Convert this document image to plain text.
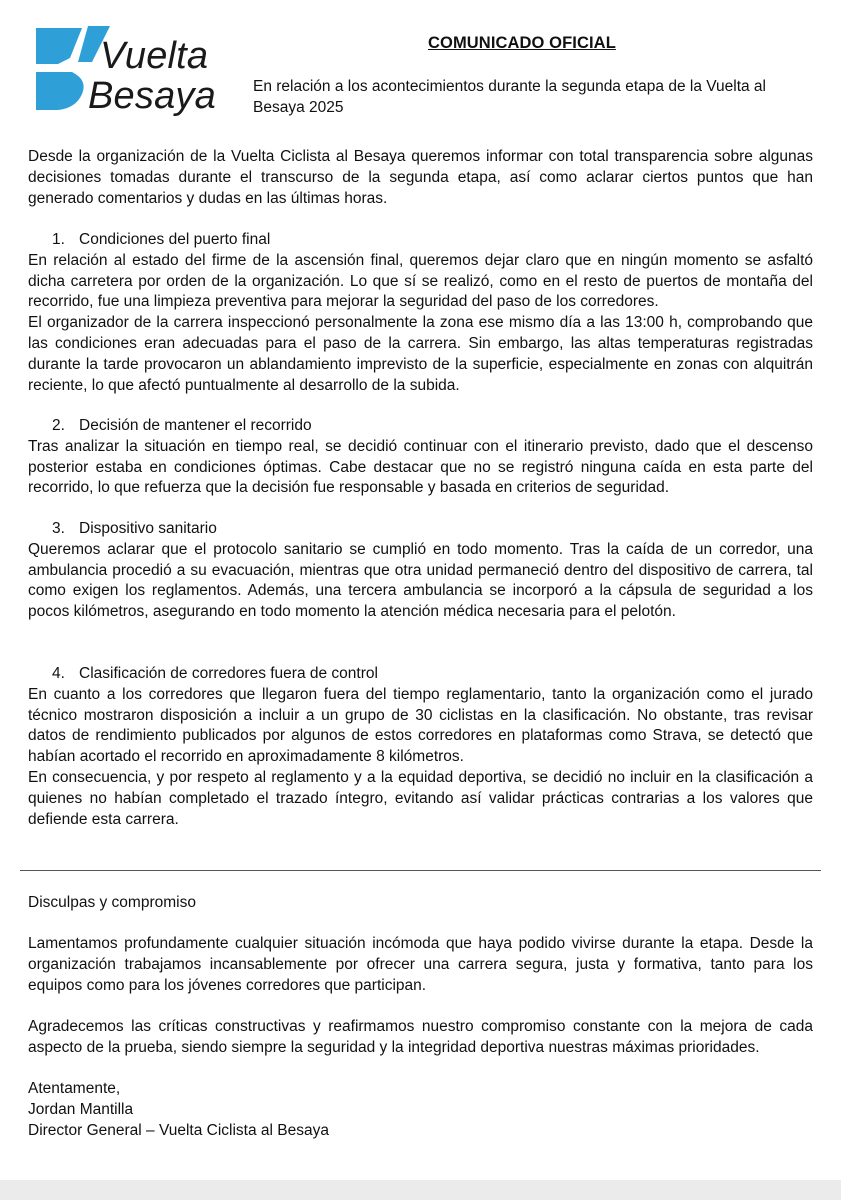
Vuelta
Besaya
COMUNICADO OFICIAL
En relación a los acontecimientos durante la segunda etapa de la Vuelta al Besaya 2025

Desde la organización de la Vuelta Ciclista al Besaya queremos informar con total transparencia sobre algunas decisiones tomadas durante el transcurso de la segunda etapa, así como aclarar ciertos puntos que han generado comentarios y dudas en las últimas horas.

1. Condiciones del puerto final

En relación al estado del firme de la ascensión final, queremos dejar claro que en ningún momento se asfaltó dicha carretera por orden de la organización. Lo que sí se realizó, como en el resto de puertos de montaña del recorrido, fue una limpieza preventiva para mejorar la seguridad del paso de los corredores.

El organizador de la carrera inspeccionó personalmente la zona ese mismo día a las 13:00 h, comprobando que las condiciones eran adecuadas para el paso de la carrera. Sin embargo, las altas temperaturas registradas durante la tarde provocaron un ablandamiento imprevisto de la superficie, especialmente en zonas con alquitrán reciente, lo que afectó puntualmente al desarrollo de la subida.

2. Decisión de mantener el recorrido

Tras analizar la situación en tiempo real, se decidió continuar con el itinerario previsto, dado que el descenso posterior estaba en condiciones óptimas. Cabe destacar que no se registró ninguna caída en esta parte del recorrido, lo que refuerza que la decisión fue responsable y basada en criterios de seguridad.

3. Dispositivo sanitario

Queremos aclarar que el protocolo sanitario se cumplió en todo momento. Tras la caída de un corredor, una ambulancia procedió a su evacuación, mientras que otra unidad permaneció dentro del dispositivo de carrera, tal como exigen los reglamentos. Además, una tercera ambulancia se incorporó a la cápsula de seguridad a los pocos kilómetros, asegurando en todo momento la atención médica necesaria para el pelotón.

4. Clasificación de corredores fuera de control

En cuanto a los corredores que llegaron fuera del tiempo reglamentario, tanto la organización como el jurado técnico mostraron disposición a incluir a un grupo de 30 ciclistas en la clasificación. No obstante, tras revisar datos de rendimiento publicados por algunos de estos corredores en plataformas como Strava, se detectó que habían acortado el recorrido en aproximadamente 8 kilómetros.

En consecuencia, y por respeto al reglamento y a la equidad deportiva, se decidió no incluir en la clasificación a quienes no habían completado el trazado íntegro, evitando así validar prácticas contrarias a los valores que defiende esta carrera.

Disculpas y compromiso

Lamentamos profundamente cualquier situación incómoda que haya podido vivirse durante la etapa. Desde la organización trabajamos incansablemente por ofrecer una carrera segura, justa y formativa, tanto para los equipos como para los jóvenes corredores que participan.

Agradecemos las críticas constructivas y reafirmamos nuestro compromiso constante con la mejora de cada aspecto de la prueba, siendo siempre la seguridad y la integridad deportiva nuestras máximas prioridades.

Atentamente,

Jordan Mantilla

Director General – Vuelta Ciclista al Besaya
